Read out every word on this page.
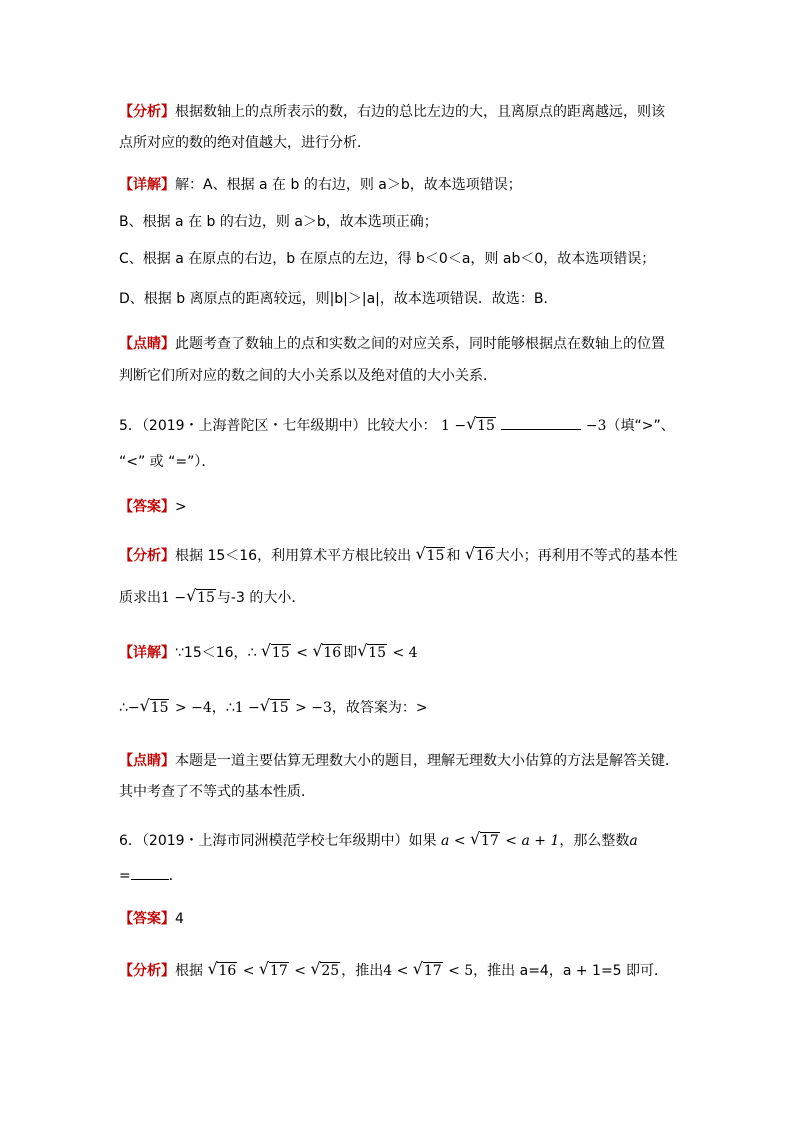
【分析】根据数轴上的点所表示的数，右边的总比左边的大，且离原点的距离越远，则该
点所对应的数的绝对值越大，进行分析．
【详解】解：A、根据 a 在 b 的右边，则 a＞b，故本选项错误；
B、根据 a 在 b 的右边，则 a＞b，故本选项正确；
C、根据 a 在原点的右边，b 在原点的左边，得 b＜0＜a，则 ab＜0，故本选项错误；
D、根据 b 离原点的距离较远，则|b|＞|a|，故本选项错误．故选：B．
【点睛】此题考查了数轴上的点和实数之间的对应关系，同时能够根据点在数轴上的位置
判断它们所对应的数之间的大小关系以及绝对值的大小关系．
5．（2019・上海普陀区・七年级期中）比较大小： 1 − √ 15	−3（填“>”、
“<” 或 “=”）．
【答案】>
【分析】根据 15＜16，利用算术平方根比较出 √ 15 和 √ 16 大小；再利用不等式的基本性
质求出1 − √ 15 与-3 的大小．
【详解】∵15＜16，∴ √ 15 < √ 16 即 √ 15 < 4
∴− √ 15 > −4，∴1 − √ 15 > −3，故答案为：>
【点睛】本题是一道主要估算无理数大小的题目，理解无理数大小估算的方法是解答关键．
其中考查了不等式的基本性质．
6．（2019・上海市同洲模范学校七年级期中）如果 a < √ 17 < a + 1，那么整数a
=	．
【答案】4
【分析】根据 √ 16 < √ 17 < √ 25 ，推出4 < √ 17 < 5，推出 a=4，a + 1=5 即可．
